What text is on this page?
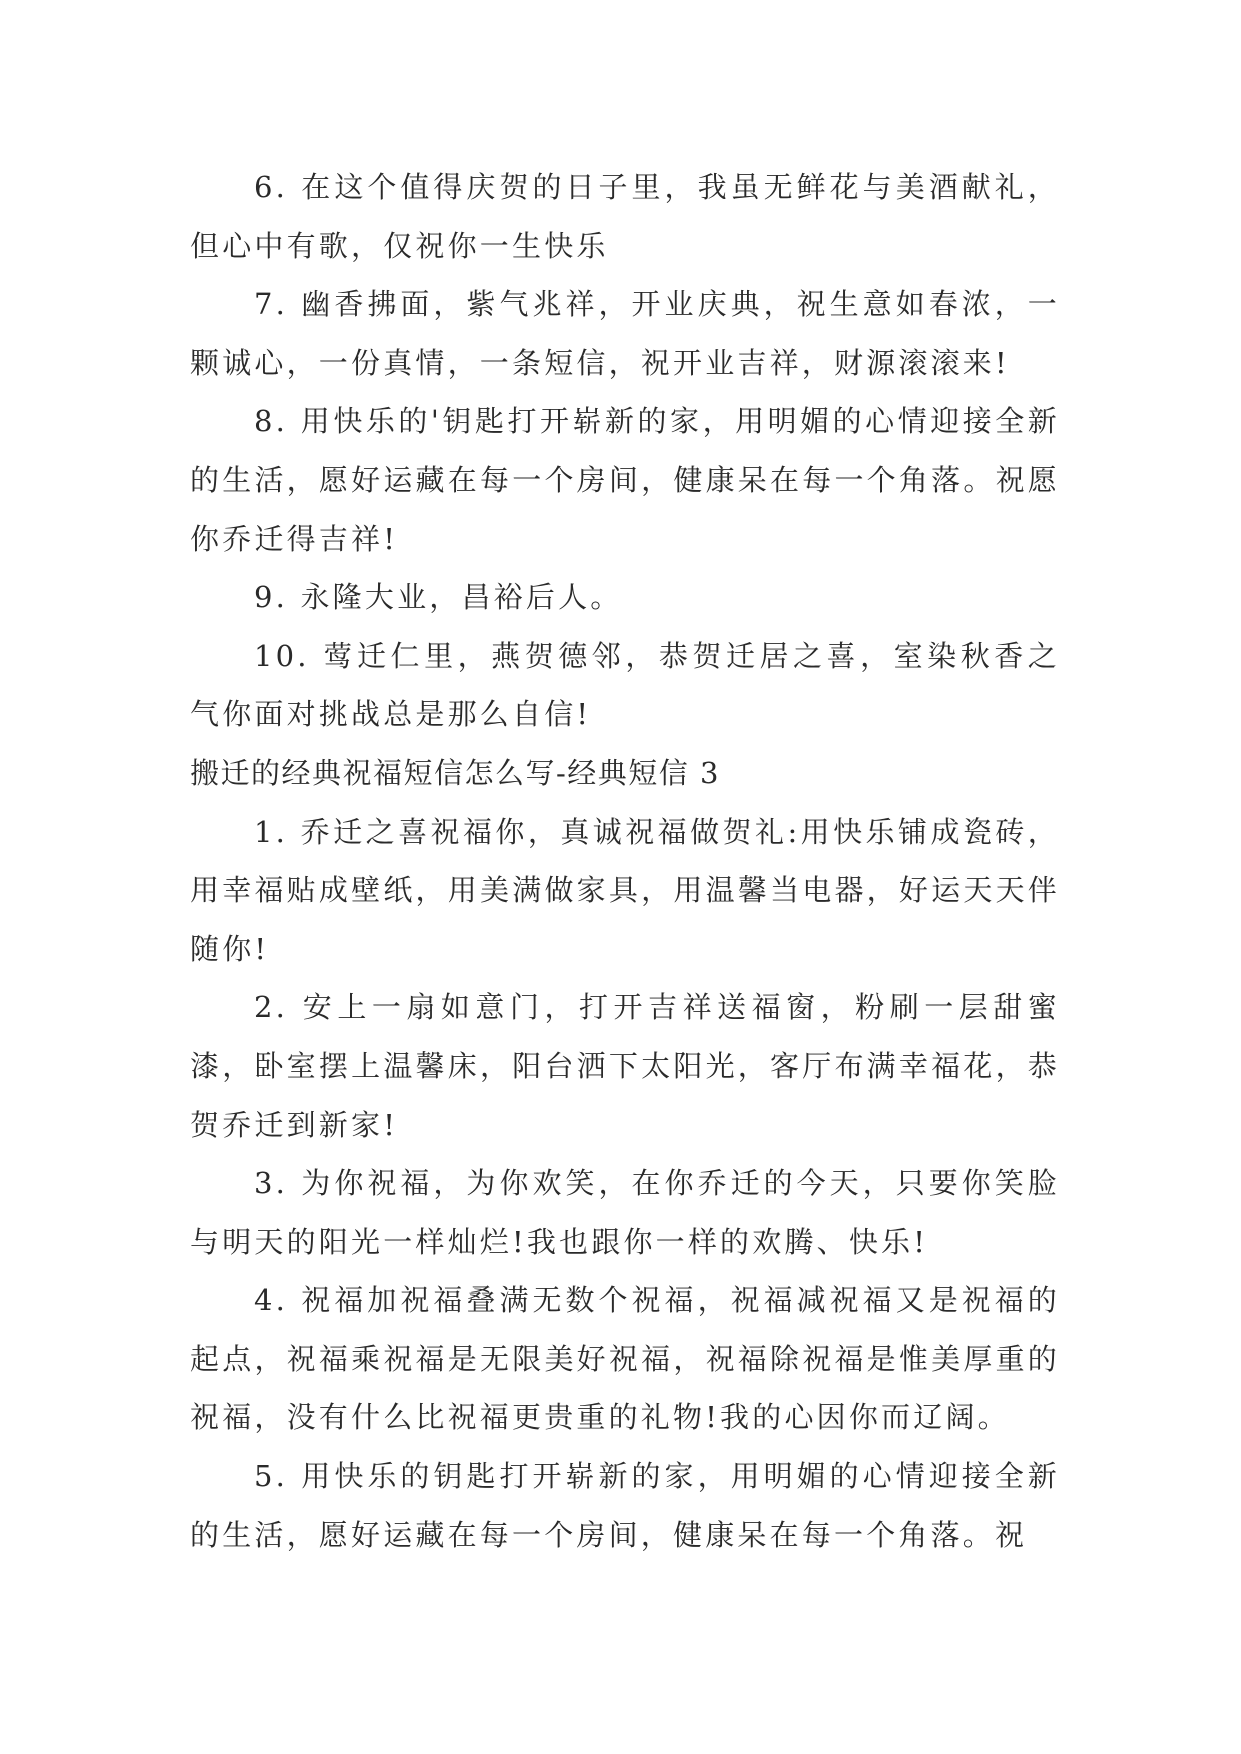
6. 在这个值得庆贺的日子里，我虽无鲜花与美酒献礼，但心中有歌，仅祝你一生快乐

7. 幽香拂面，紫气兆祥，开业庆典，祝生意如春浓，一颗诚心，一份真情，一条短信，祝开业吉祥，财源滚滚来!

8. 用快乐的'钥匙打开崭新的家，用明媚的心情迎接全新的生活，愿好运藏在每一个房间，健康呆在每一个角落。祝愿你乔迁得吉祥!

9. 永隆大业，昌裕后人。

10. 莺迁仁里，燕贺德邻，恭贺迁居之喜，室染秋香之气你面对挑战总是那么自信!

搬迁的经典祝福短信怎么写-经典短信 3

1. 乔迁之喜祝福你，真诚祝福做贺礼:用快乐铺成瓷砖，用幸福贴成壁纸，用美满做家具，用温馨当电器，好运天天伴随你!

2. 安上一扇如意门，打开吉祥送福窗，粉刷一层甜蜜漆，卧室摆上温馨床，阳台洒下太阳光，客厅布满幸福花，恭贺乔迁到新家!

3. 为你祝福，为你欢笑，在你乔迁的今天，只要你笑脸与明天的阳光一样灿烂!我也跟你一样的欢腾、快乐!

4. 祝福加祝福叠满无数个祝福，祝福减祝福又是祝福的起点，祝福乘祝福是无限美好祝福，祝福除祝福是惟美厚重的祝福，没有什么比祝福更贵重的礼物!我的心因你而辽阔。

5. 用快乐的钥匙打开崭新的家，用明媚的心情迎接全新的生活，愿好运藏在每一个房间，健康呆在每一个角落。祝
